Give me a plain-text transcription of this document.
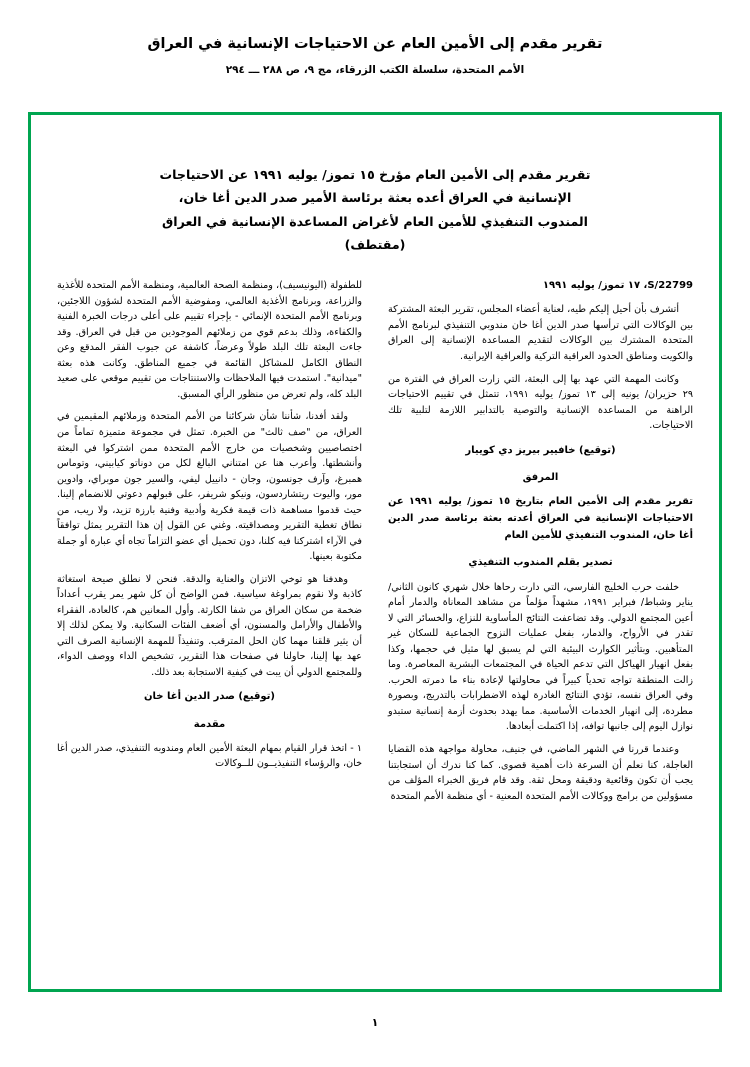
تقرير مقدم إلى الأمين العام عن الاحتياجات الإنسانية في العراق
الأمم المتحدة، سلسلة الكتب الزرقاء، مج ٩، ص ٢٨٨ ـــ ٢٩٤
تقرير مقدم إلى الأمين العام مؤرخ ١٥ تموز/ يوليه ١٩٩١ عن الاحتياجات
الإنسانية في العراق أعده بعثة برئاسة الأمير صدر الدين أغا خان،
المندوب التنفيذي للأمين العام لأغراض المساعدة الإنسانية في العراق
(مقتطف)
S/22799، ١٧ تموز/ يوليه ١٩٩١

أتشرف بأن أحيل إليكم طيه، لعناية أعضاء المجلس، تقرير البعثة المشتركة بين الوكالات التي ترأسها صدر الدين أغا خان مندوبي التنفيذي لبرنامج الأمم المتحدة المشترك بين الوكالات لتقديم المساعدة الإنسانية إلى العراق والكويت ومناطق الحدود العراقية التركية والعراقية الإيرانية.

وكانت المهمة التي عهد بها إلى البعثة، التي زارت العراق في الفترة من ٢٩ حزيران/ يونيه إلى ١٣ تموز/ يوليه ١٩٩١، تتمثل في تقييم الاحتياجات الراهنة من المساعدة الإنسانية والتوصية بالتدابير اللازمة لتلبية تلك الاحتياجات.

(توقيع) خافيير بيريز دي كوييار
المرفق
تقرير مقدم إلى الأمين العام بتاريخ ١٥ تموز/ يوليه ١٩٩١ عن الاحتياجات الإنسانية في العراق أعدته بعثة برئاسة صدر الدين أغا خان، المندوب التنفيذي للأمين العام
تصدير بقلم المندوب التنفيذي

خلفت حرب الخليج الفارسي، التي دارت رحاها خلال شهري كانون الثاني/ يناير وشباط/ فبراير ١٩٩١، مشهداً مؤلماً من مشاهد المعاناة والدمار أمام أعين المجتمع الدولي. وقد تضاعفت النتائج المأساوية للنزاع، والخسائر التي لا تقدر في الأرواح، والدمار، بفعل عمليات النزوح الجماعية للسكان غير المتأهبين. وبتأثير الكوارث البيئية التي لم يسبق لها مثيل في حجمها، وكذا بفعل انهيار الهياكل التي تدعم الحياة في المجتمعات البشرية المعاصرة. وما زالت المنطقة تواجه تحدياً كبيراً في محاولتها لإعادة بناء ما دمرته الحرب. وفي العراق نفسه، تؤدي النتائج الغادرة لهذه الاضطرابات بالتدريج، وبصورة مطردة، إلى انهيار الخدمات الأساسية. مما يهدد بحدوث أزمة إنسانية ستبدو نوازل اليوم إلى جانبها توافه، إذا اكتملت أبعادها.

وعندما قررنا في الشهر الماضي، في جنيف، محاولة مواجهة هذه القضايا العاجلة، كنا نعلم أن السرعة ذات أهمية قصوى. كما كنا ندرك أن استجابتنا يجب أن تكون وقائعية ودقيقة ومحل ثقة. وقد قام فريق الخبراء المؤلف من مسؤولين من برامج ووكالات الأمم المتحدة المعنية - أي منظمة الأمم المتحدة

للطفولة (اليونيسيف)، ومنظمة الصحة العالمية، ومنظمة الأمم المتحدة للأغذية والزراعة، وبرنامج الأغذية العالمي، ومفوضية الأمم المتحدة لشؤون اللاجئين، وبرنامج الأمم المتحدة الإنمائي - بإجراء تقييم على أعلى درجات الخبرة الفنية والكفاءة، وذلك بدعم قوي من زملائهم الموجودين من قبل في العراق. وقد جاءت البعثة تلك البلد طولاً وعرضاً، كاشفة عن جيوب الفقر المدقع وعن النطاق الكامل للمشاكل القائمة في جميع المناطق. وكانت هذه بعثة "ميدانية". استمدت فيها الملاحظات والاستنتاجات من تقييم موقعي على صعيد البلد كله، ولم تعرض من منظور الرأي المسبق.

ولقد أفدنا، شأننا شأن شركائنا من الأمم المتحدة وزملائهم المقيمين في العراق، من "صف ثالث" من الخبرة. تمثل في مجموعة متميزة تماماً من اختصاصيين وشخصيات من خارج الأمم المتحدة ممن اشتركوا في البعثة وأنشطتها. وأعرب هنا عن امتناني البالغ لكل من دوناتو كيابيني، وتوماس همبرغ، وآرف جونسون، وجان - دانييل ليفي، والسير جون موبراي، وادوين مور، واليوت ريتشاردسون، ونيكو شريفر، على قبولهم دعوتي للانضمام إلينا. حيث قدموا مساهمة ذات قيمة فكرية وأدبية وفنية بارزة تزيد، ولا ريب، من نطاق تغطية التقرير ومصداقيته. وغني عن القول إن هذا التقرير يمثل توافقاً في الآراء اشتركنا فيه كلنا، دون تحميل أي عضو التزاماً تجاه أي عبارة أو جملة مكتوبة بعينها.

وهدفنا هو توخي الاتزان والعناية والدقة. فنحن لا نطلق صيحة استغاثة كاذبة ولا نقوم بمراوغة سياسية. فمن الواضح أن كل شهر يمر يقرب أعداداً ضخمة من سكان العراق من شفا الكارثة. وأول المعانين هم، كالعادة، الفقراء والأطفال والأرامل والمسنون، أي أضعف الفئات السكانية. ولا يمكن لذلك إلا أن يثير قلقنا مهما كان الحل المترقب. وتنفيذاً للمهمة الإنسانية الصرف التي عهد بها إلينا، حاولنا في صفحات هذا التقرير، تشخيص الداء ووصف الدواء، وللمجتمع الدولي أن يبت في كيفية الاستجابة بعد ذلك.

(توقيع) صدر الدين أغا خان
مقدمة

١ - اتخذ قرار القيام بمهام البعثة الأمين العام ومندوبه التنفيذي، صدر الدين أغا خان، والرؤساء التنفيذيــون للــوكالات

١
